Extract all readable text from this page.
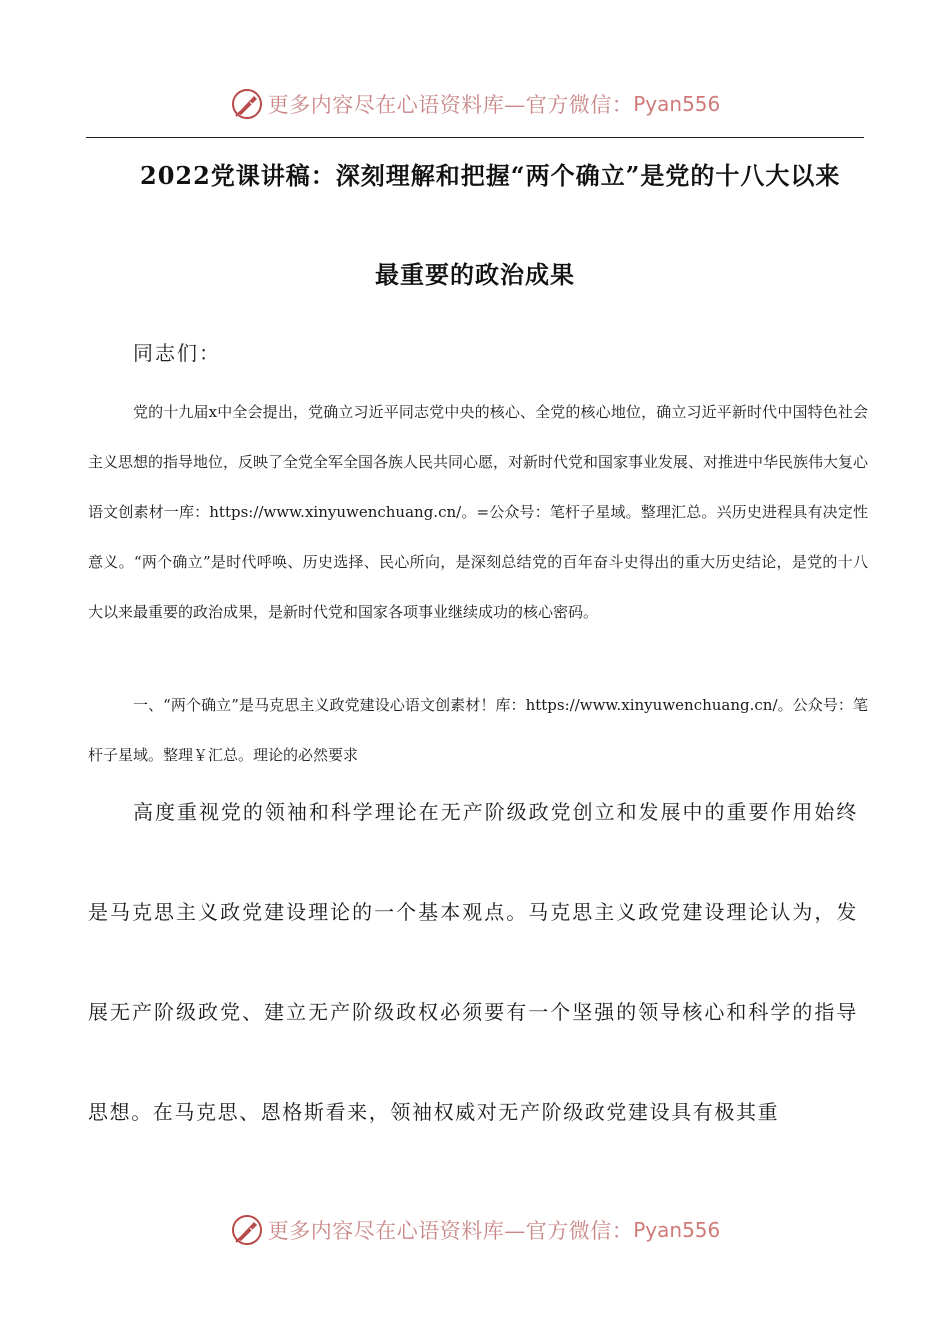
更多内容尽在心语资料库—官方微信： Pyan556
2022党课讲稿：深刻理解和把握“两个确立”是党的十八大以来
最重要的政治成果

同志们：

党的十九届x中全会提出，党确立习近平同志党中央的核心、全党的核心地位，确立习近平新时代中国特色社会主义思想的指导地位，反映了全党全军全国各族人民共同心愿，对新时代党和国家事业发展、对推进中华民族伟大复心语文创素材一库：https://www.xinyuwenchuang.cn/。=公众号：笔杆子星域。整理汇总。兴历史进程具有决定性意义。“两个确立”是时代呼唤、历史选择、民心所向，是深刻总结党的百年奋斗史得出的重大历史结论，是党的十八大以来最重要的政治成果，是新时代党和国家各项事业继续成功的核心密码。

一、“两个确立”是马克思主义政党建设心语文创素材！库：https://www.xinyuwenchuang.cn/。公众号：笔杆子星域。整理￥汇总。理论的必然要求

高度重视党的领袖和科学理论在无产阶级政党创立和发展中的重要作用始终是马克思主义政党建设理论的一个基本观点。马克思主义政党建设理论认为，发展无产阶级政党、建立无产阶级政权必须要有一个坚强的领导核心和科学的指导思想。在马克思、恩格斯看来，领袖权威对无产阶级政党建设具有极其重

更多内容尽在心语资料库—官方微信： Pyan556
